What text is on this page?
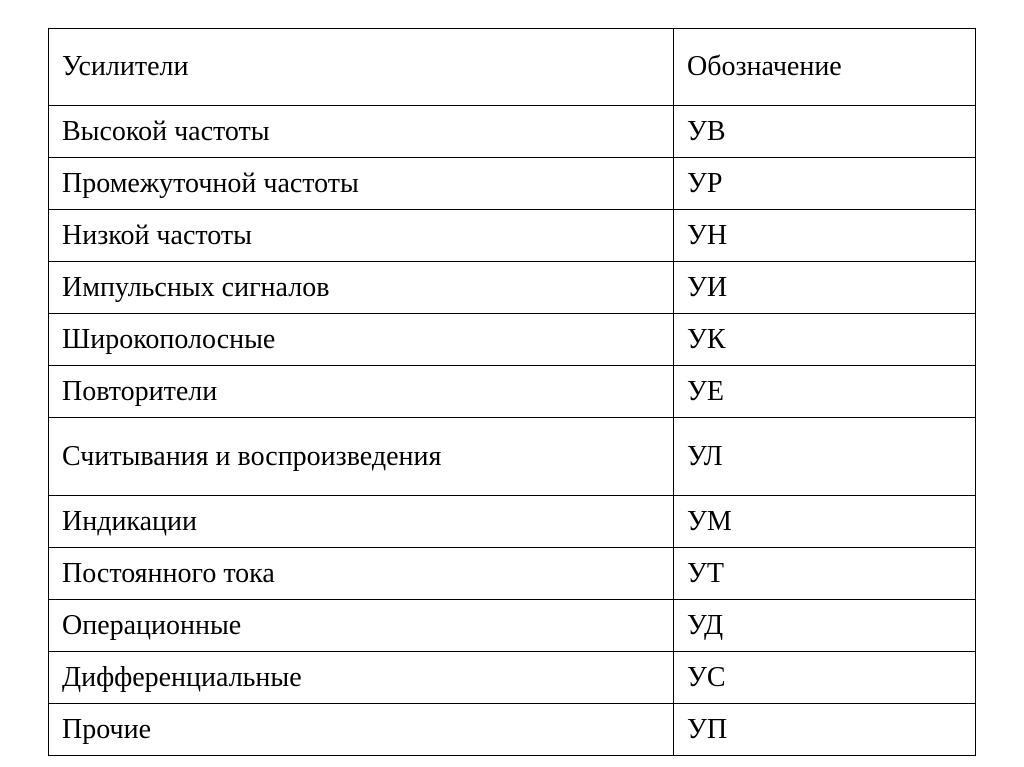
Усилители	Обозначение
Высокой частоты	УВ
Промежуточной частоты	УР
Низкой частоты	УН
Импульсных сигналов	УИ
Широкополосные	УК
Повторители	УЕ
Считывания и воспроизведения	УЛ
Индикации	УМ
Постоянного тока	УТ
Операционные	УД
Дифференциальные	УС
Прочие	УП
